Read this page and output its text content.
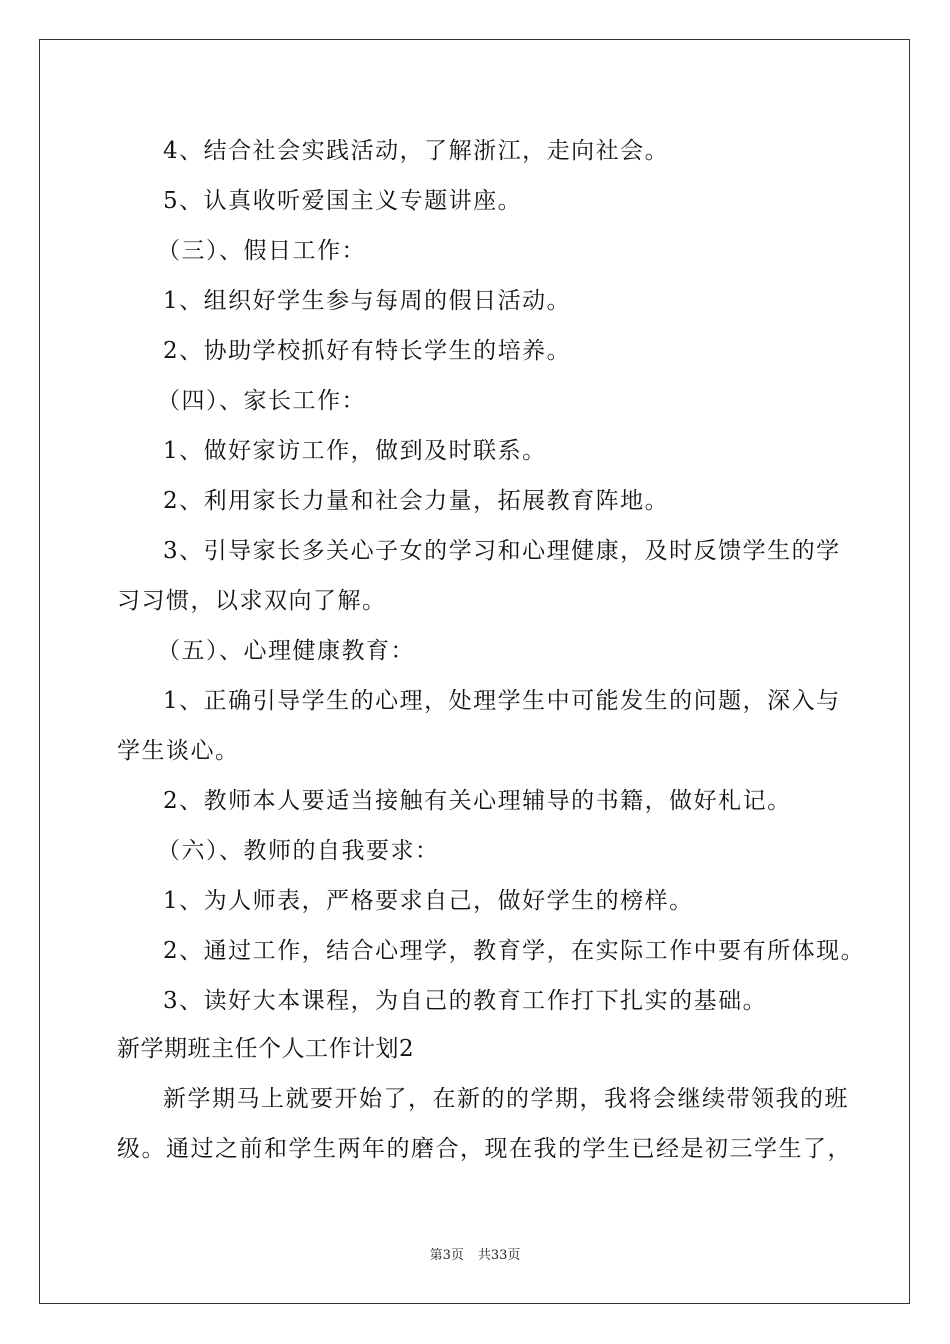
4、结合社会实践活动，了解浙江，走向社会。
5、认真收听爱国主义专题讲座。
（三）、假日工作：
1、组织好学生参与每周的假日活动。
2、协助学校抓好有特长学生的培养。
（四）、家长工作：
1、做好家访工作，做到及时联系。
2、利用家长力量和社会力量，拓展教育阵地。
3、引导家长多关心子女的学习和心理健康，及时反馈学生的学
习习惯，以求双向了解。
（五）、心理健康教育：
1、正确引导学生的心理，处理学生中可能发生的问题，深入与
学生谈心。
2、教师本人要适当接触有关心理辅导的书籍，做好札记。
（六）、教师的自我要求：
1、为人师表，严格要求自己，做好学生的榜样。
2、通过工作，结合心理学，教育学，在实际工作中要有所体现。
3、读好大本课程，为自己的教育工作打下扎实的基础。
新学期班主任个人工作计划2
新学期马上就要开始了，在新的的学期，我将会继续带领我的班
级。通过之前和学生两年的磨合，现在我的学生已经是初三学生了，
第3页 共33页
